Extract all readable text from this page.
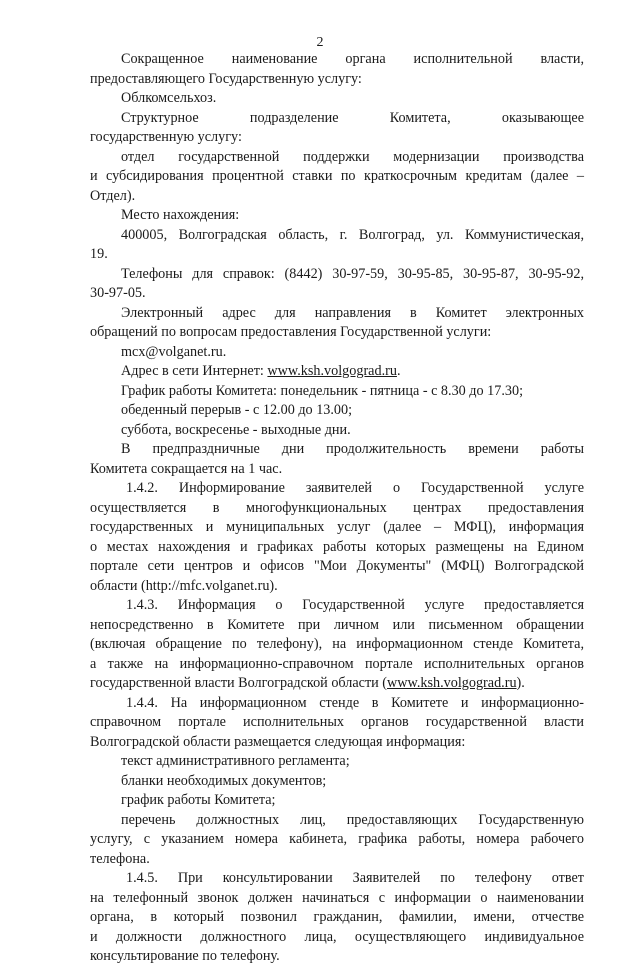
2

Сокращенное наименование органа исполнительной власти,

предоставляющего Государственную услугу:

Облкомсельхоз.

Структурное подразделение Комитета, оказывающее

государственную услугу:

отдел государственной поддержки модернизации производства

и субсидирования процентной ставки по краткосрочным кредитам (далее –

Отдел).

Место нахождения:

400005, Волгоградская область, г. Волгоград, ул. Коммунистическая,

19.

Телефоны для справок: (8442) 30-97-59, 30-95-85, 30-95-87, 30-95-92,

30-97-05.

Электронный адрес для направления в Комитет электронных

обращений по вопросам предоставления Государственной услуги:

mcx@volganet.ru.

Адрес в сети Интернет: www.ksh.volgograd.ru.

График работы Комитета: понедельник - пятница - с 8.30 до 17.30;

обеденный перерыв - с 12.00 до 13.00;

суббота, воскресенье - выходные дни.

В предпраздничные дни продолжительность времени работы

Комитета сокращается на 1 час.

1.4.2. Информирование заявителей о Государственной услуге

осуществляется в многофункциональных центрах предоставления

государственных и муниципальных услуг (далее – МФЦ), информация

о местах нахождения и графиках работы которых размещены на Едином

портале сети центров и офисов "Мои Документы" (МФЦ) Волгоградской

области (http://mfc.volganet.ru).

1.4.3. Информация о Государственной услуге предоставляется

непосредственно в Комитете при личном или письменном обращении

(включая обращение по телефону), на информационном стенде Комитета,

а также на информационно-справочном портале исполнительных органов

государственной власти Волгоградской области (www.ksh.volgograd.ru).

1.4.4. На информационном стенде в Комитете и информационно-

справочном портале исполнительных органов государственной власти

Волгоградской области размещается следующая информация:

текст административного регламента;

бланки необходимых документов;

график работы Комитета;

перечень должностных лиц, предоставляющих Государственную

услугу, с указанием номера кабинета, графика работы, номера рабочего

телефона.

1.4.5. При консультировании Заявителей по телефону ответ

на телефонный звонок должен начинаться с информации о наименовании

органа, в который позвонил гражданин, фамилии, имени, отчестве

и должности должностного лица, осуществляющего индивидуальное

консультирование по телефону.
